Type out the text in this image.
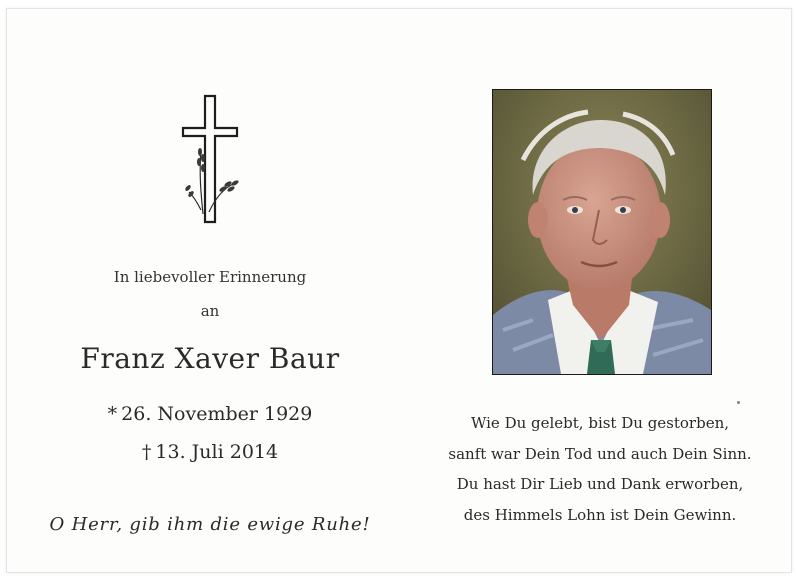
In liebevoller Erinnerung
an
Franz Xaver Baur
* 26. November 1929
† 13. Juli 2014
O Herr, gib ihm die ewige Ruhe!
Wie Du gelebt, bist Du gestorben,
sanft war Dein Tod und auch Dein Sinn.
Du hast Dir Lieb und Dank erworben,
des Himmels Lohn ist Dein Gewinn.
